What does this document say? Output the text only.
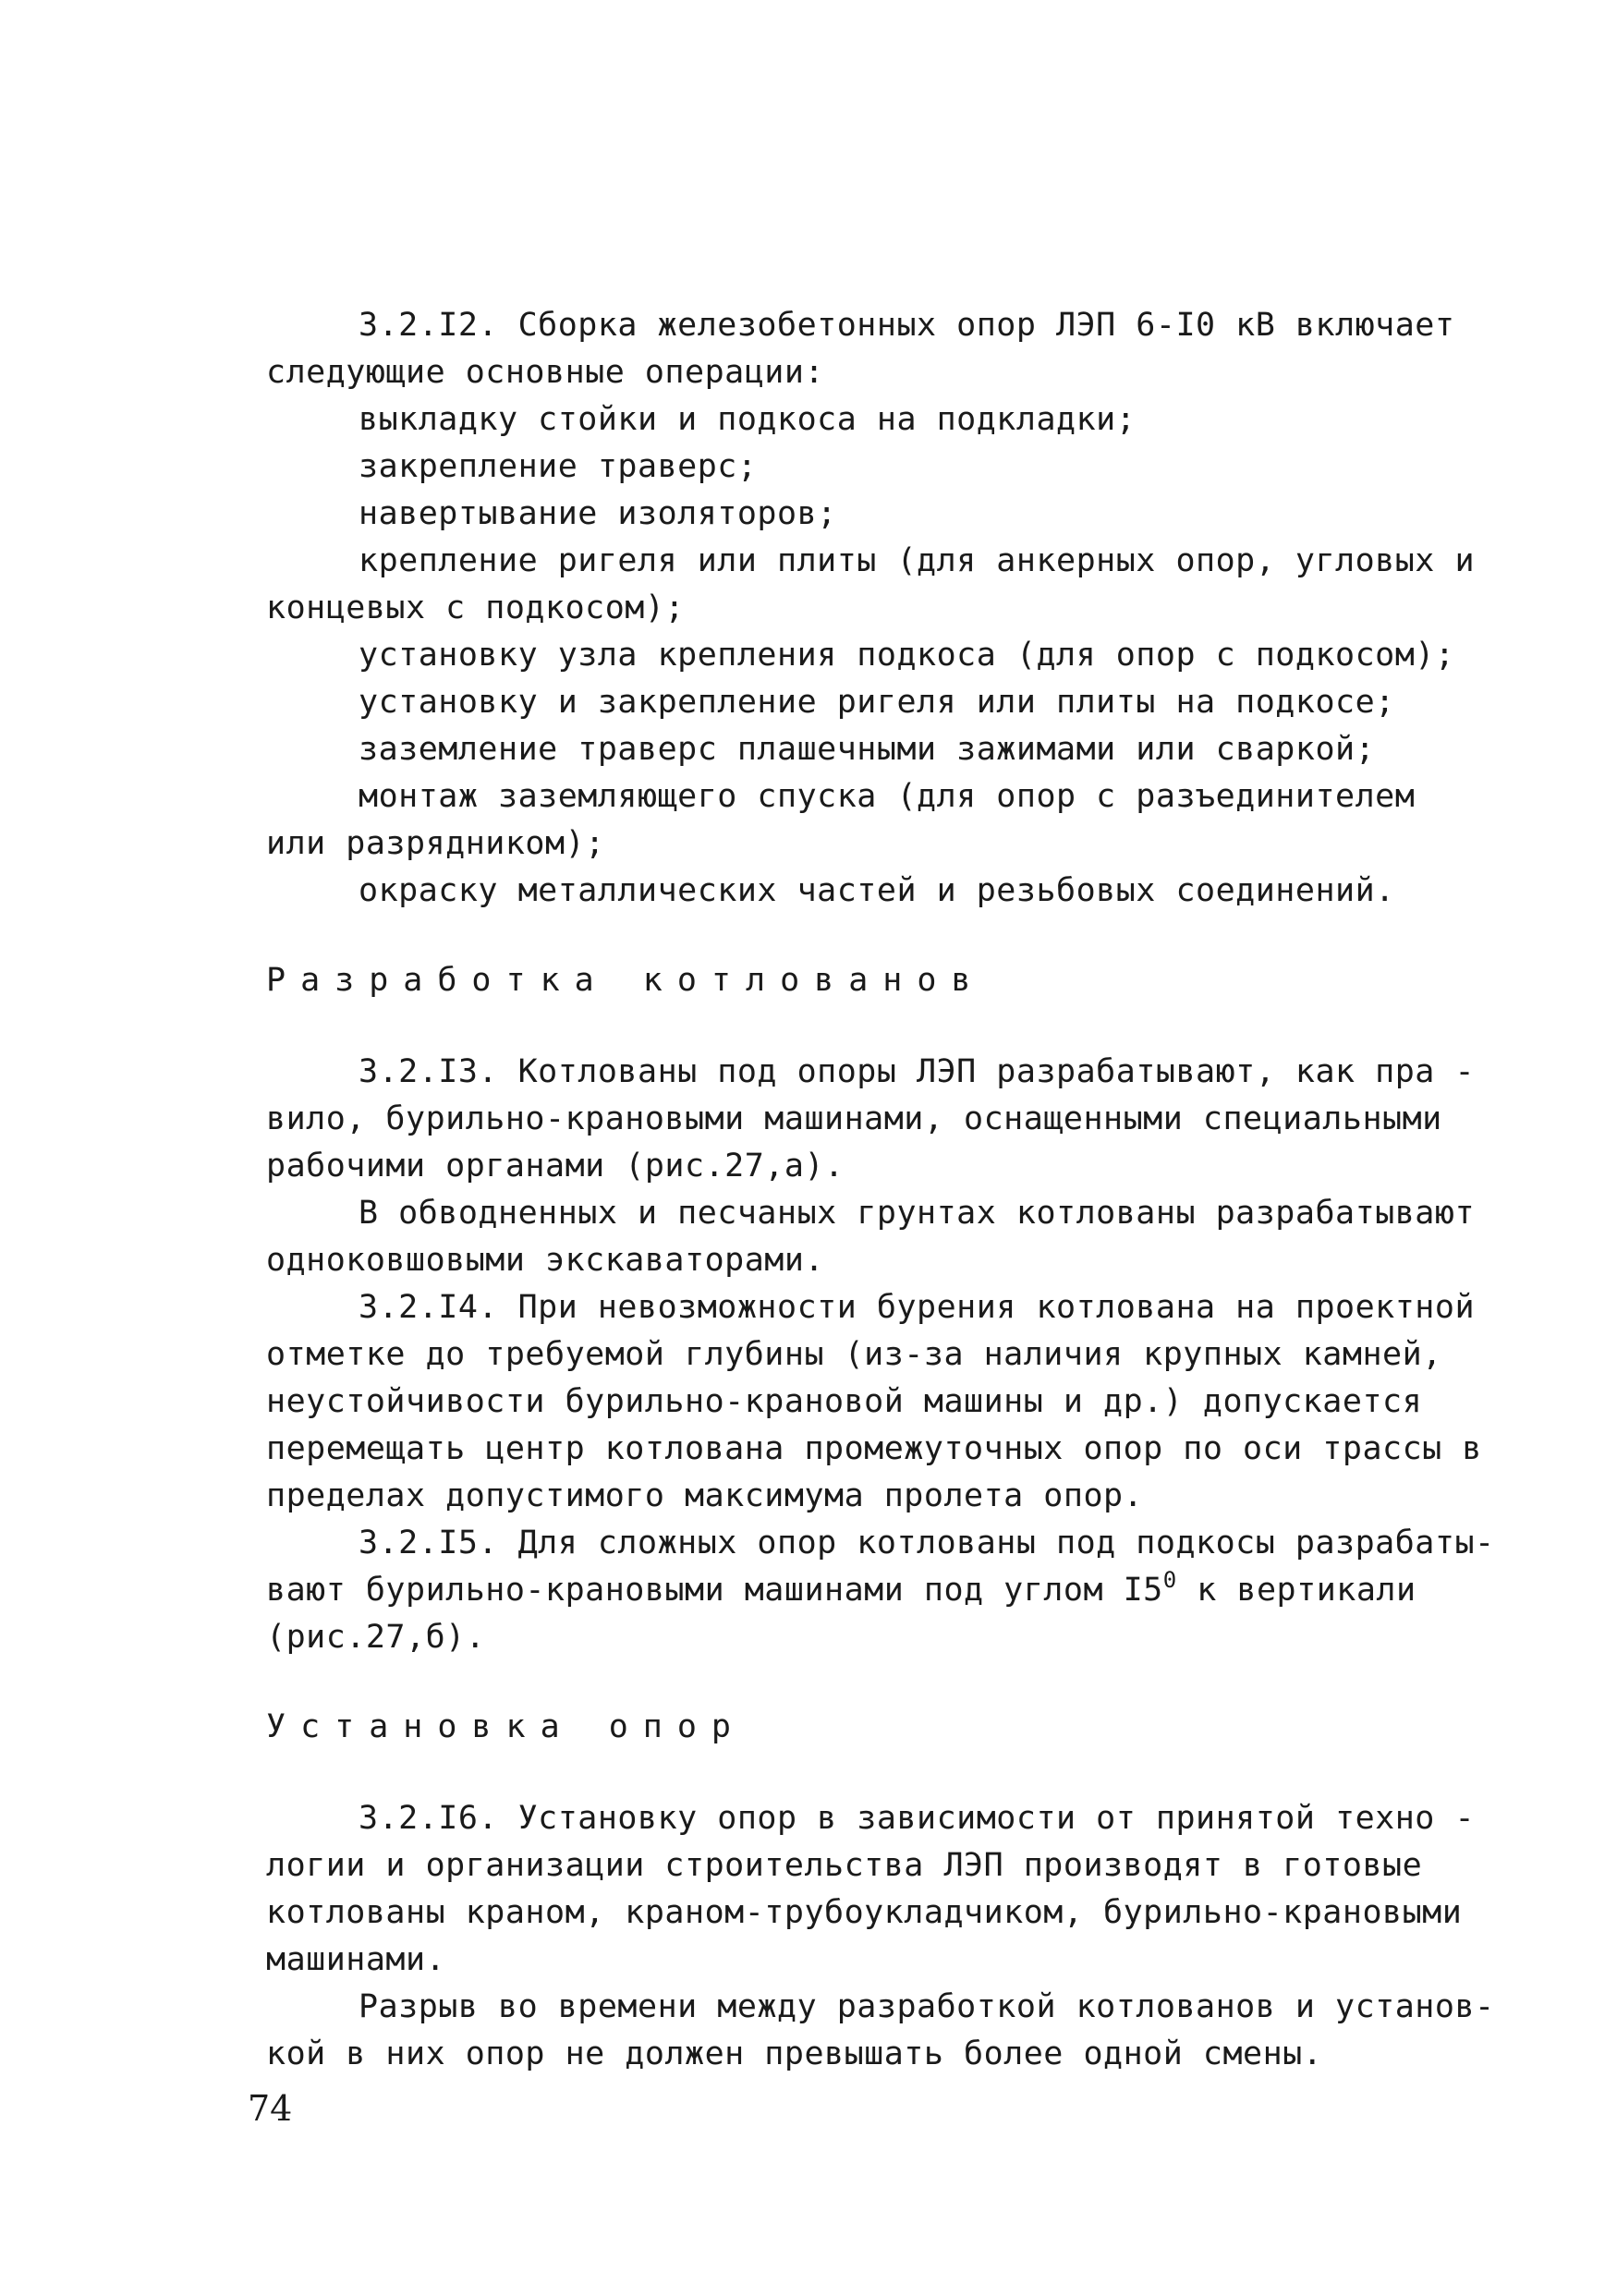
3.2.I2. Сборка железобетонных опор ЛЭП 6-I0 кВ включает
следующие основные операции:
выкладку стойки и подкоса на подкладки;
закрепление траверс;
навертывание изоляторов;
крепление ригеля или плиты (для анкерных опор, угловых и
концевых с подкосом);
установку узла крепления подкоса (для опор с подкосом);
установку и закрепление ригеля или плиты на подкосе;
заземление траверс плашечными зажимами или сваркой;
монтаж заземляющего спуска (для опор с разъединителем
или разрядником);
окраску металлических частей и резьбовых соединений.
Разработка котлованов
3.2.I3. Котлованы под опоры ЛЭП разрабатывают, как пра -
вило, бурильно-крановыми машинами, оснащенными специальными
рабочими органами (рис.27,а).
В обводненных и песчаных грунтах котлованы разрабатывают
одноковшовыми экскаваторами.
3.2.I4. При невозможности бурения котлована на проектной
отметке до требуемой глубины (из-за наличия крупных камней,
неустойчивости бурильно-крановой машины и др.) допускается
перемещать центр котлована промежуточных опор по оси трассы в
пределах допустимого максимума пролета опор.
3.2.I5. Для сложных опор котлованы под подкосы разрабаты-
вают бурильно-крановыми машинами под углом $I5^0$ к вертикали
(рис.27,б).
Установка опор
3.2.I6. Установку опор в зависимости от принятой техно -
логии и организации строительства ЛЭП производят в готовые
котлованы краном, краном-трубоукладчиком, бурильно-крановыми
машинами.
Разрыв во времени между разработкой котлованов и установ-
кой в них опор не должен превышать более одной смены.
74
